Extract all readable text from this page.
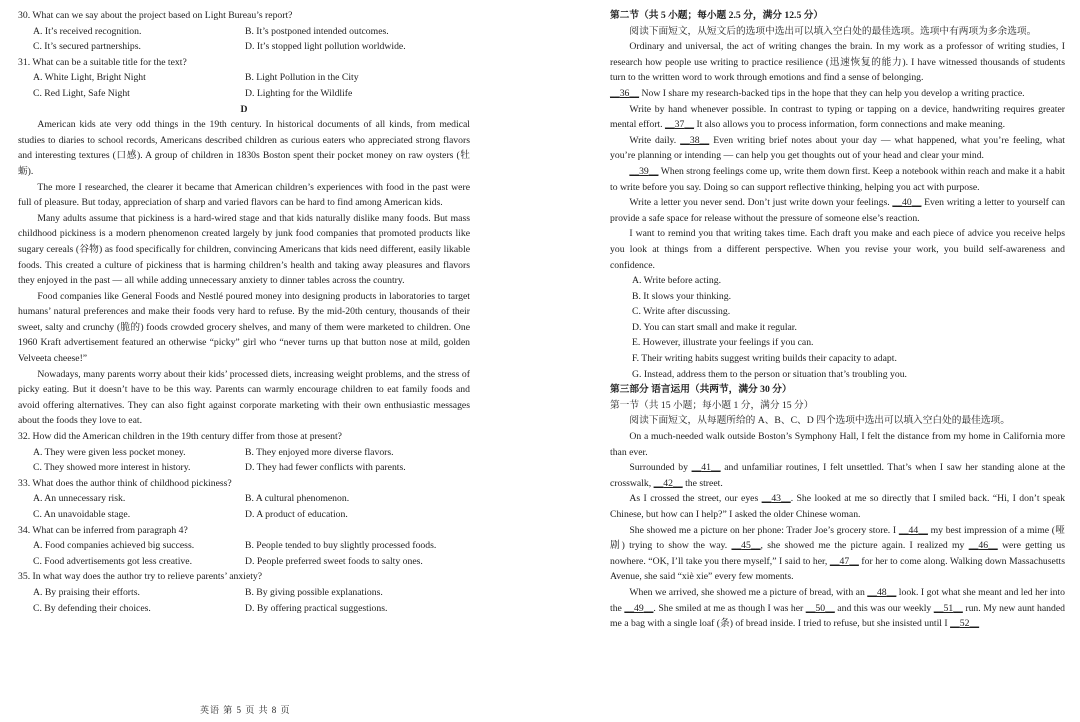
30. What can we say about the project based on Light Bureau’s report?
A. It’s received recognition.	B. It’s postponed intended outcomes.
C. It’s secured partnerships.	D. It’s stopped light pollution worldwide.
31. What can be a suitable title for the text?
A. White Light, Bright Night	B. Light Pollution in the City
C. Red Light, Safe Night	D. Lighting for the Wildlife
D
American kids ate very odd things in the 19th century. In historical documents of all kinds, from medical studies to diaries to school records, Americans described children as curious eaters who appreciated strong flavors and interesting textures (口感). A group of children in 1830s Boston spent their pocket money on raw oysters (牡蛎).
The more I researched, the clearer it became that American children’s experiences with food in the past were full of pleasure. But today, appreciation of sharp and varied flavors can be hard to find among American kids.
Many adults assume that pickiness is a hard-wired stage and that kids naturally dislike many foods. But mass childhood pickiness is a modern phenomenon created largely by junk food companies that promoted products like sugary cereals (谷物) as food specifically for children, convincing Americans that kids need different, easily likable foods. This created a culture of pickiness that is harming children’s health and taking away pleasures and flavors they enjoyed in the past — all while adding unnecessary anxiety to dinner tables across the country.
Food companies like General Foods and Nestlé poured money into designing products in laboratories to target humans’ natural preferences and make their foods very hard to refuse. By the mid-20th century, thousands of their sweet, salty and crunchy (脆的) foods crowded grocery shelves, and many of them were marketed to children. One 1960 Kraft advertisement featured an otherwise “picky” girl who “never turns up that button nose at mild, golden Velveeta cheese!”
Nowadays, many parents worry about their kids’ processed diets, increasing weight problems, and the stress of picky eating. But it doesn’t have to be this way. Parents can warmly encourage children to eat family foods and avoid offering alternatives. They can also fight against corporate marketing with their own enthusiastic messages about the foods they love to eat.
32. How did the American children in the 19th century differ from those at present?
A. They were given less pocket money.	B. They enjoyed more diverse flavors.
C. They showed more interest in history.	D. They had fewer conflicts with parents.
33. What does the author think of childhood pickiness?
A. An unnecessary risk.	B. A cultural phenomenon.
C. An unavoidable stage.	D. A product of education.
34. What can be inferred from paragraph 4?
A. Food companies achieved big success.	B. People tended to buy slightly processed foods.
C. Food advertisements got less creative.	D. People preferred sweet foods to salty ones.
35. In what way does the author try to relieve parents’ anxiety?
A. By praising their efforts.	B. By giving possible explanations.
C. By defending their choices.	D. By offering practical suggestions.
第二节（共 5 小题；每小题 2.5 分，满分 12.5 分）
阅读下面短文，从短文后的选项中选出可以填入空白处的最佳选项。选项中有两项为多余选项。
Ordinary and universal, the act of writing changes the brain. In my work as a professor of writing studies, I research how people use writing to practice resilience (迅速恢复的能力). I have witnessed thousands of students turn to the written word to work through emotions and find a sense of belonging.
__36__ Now I share my research-backed tips in the hope that they can help you develop a writing practice.
Write by hand whenever possible. In contrast to typing or tapping on a device, handwriting requires greater mental effort. __37__ It also allows you to process information, form connections and make meaning.
Write daily. __38__ Even writing brief notes about your day — what happened, what you’re feeling, what you’re planning or intending — can help you get thoughts out of your head and clear your mind.
__39__ When strong feelings come up, write them down first. Keep a notebook within reach and make it a habit to write before you say. Doing so can support reflective thinking, helping you act with purpose.
Write a letter you never send. Don’t just write down your feelings. __40__ Even writing a letter to yourself can provide a safe space for release without the pressure of someone else’s reaction.
I want to remind you that writing takes time. Each draft you make and each piece of advice you receive helps you look at things from a different perspective. When you revise your work, you build self-awareness and confidence.
A. Write before acting.
B. It slows your thinking.
C. Write after discussing.
D. You can start small and make it regular.
E. However, illustrate your feelings if you can.
F. Their writing habits suggest writing builds their capacity to adapt.
G. Instead, address them to the person or situation that’s troubling you.
第三部分 语言运用（共两节，满分 30 分）
第一节（共 15 小题；每小题 1 分，满分 15 分）
阅读下面短文，从每题所给的 A、B、C、D 四个选项中选出可以填入空白处的最佳选项。
On a much-needed walk outside Boston’s Symphony Hall, I felt the distance from my home in California more than ever.
Surrounded by __41__ and unfamiliar routines, I felt unsettled. That’s when I saw her standing alone at the crosswalk, __42__ the street.
As I crossed the street, our eyes __43__. She looked at me so directly that I smiled back. “Hi, I don’t speak Chinese, but how can I help?” I asked the older Chinese woman.
She showed me a picture on her phone: Trader Joe’s grocery store. I __44__ my best impression of a mime (哑剧) trying to show the way. __45__, she showed me the picture again. I realized my __46__ were getting us nowhere. “OK, I’ll take you there myself,” I said to her, __47__ for her to come along. Walking down Massachusetts Avenue, she said “xiè xie” every few moments.
When we arrived, she showed me a picture of bread, with an __48__ look. I got what she meant and led her into the __49__. She smiled at me as though I was her __50__ and this was our weekly __51__ run. My new aunt handed me a bag with a single loaf (条) of bread inside. I tried to refuse, but she insisted until I __52__
英语 第 5 页 共 8 页
